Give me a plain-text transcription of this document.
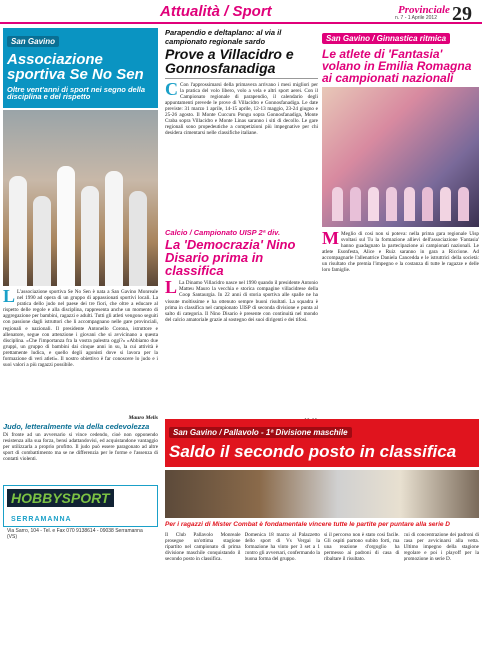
Attualità / Sport	Provinciale
n. 7 - 1 Aprile 2012 29
San Gavino
Associazione sportiva Se No Sen
Oltre vent'anni di sport nei segno della disciplina e del rispetto
L L'associazione sportiva Se No Sen è nata a San Gavino Monreale nel 1990 ad opera di un gruppo di appassionati sportivi locali. La pratica dello judo nel paese dei tre fiori, che oltre a educare al rispetto delle regole e alla disciplina, rappresenta anche un momento di aggregazione per bambini, ragazzi e adulti. Tutti gli atleti vengono seguiti con passione dagli istruttori che li accompagnano nelle gare provinciali, regionali e nazionali. Il presidente Antonello Corona, istruttore e allenatore, segue con attenzione i giovani che si avvicinano a questa disciplina. «Che l'importanza fra la vostra palestra oggi?» «Abbiamo due gruppi, un gruppo di bambini dai cinque anni in su, la cui attività è prettamente ludica, e quello degli agonisti dove si lavora per la formazione di veri atleti». Il nostro obiettivo è far conoscere lo judo e i suoi valori a più ragazzi possibile.
Mauro Melis
Judo, letteralmente via della cedevolezza
Di fronte ad un avversario si vince cedendo, cioè non opponendo resistenza alla sua forza, bensì adattandovisi, ed acquistandone vantaggio per utilizzarla a proprio profitto. Il judo può essere paragonato ad altre sport di combattimento ma se ne differenzia per le forme e l'assenza di contatti violenti.
HOBBYSPORTSERRAMANNA
Via Sarro, 104 - Tel. e Fax 070 9138614 - 09038 Serramanna (VS)
Parapendio e deltaplano: al via il campionato regionale sardo
Prove a Villacidro e Gonnosfanadiga
C Con l'approssimarsi della primavera arrivano i mesi migliori per la pratica del volo libero, volo a vela e altri sport aerei. Con il Campionato regionale di parapendio, il calendario degli appuntamenti prevede le prove di Villacidro e Gonnosfanadiga. Le date previste: 31 marzo 1 aprile, 14-15 aprile, 12-13 maggio, 23-24 giugno e 25-26 agosto. Il Monte Cuccuru Pongu sopra Gonnosfanadiga, Monte Craba sopra Villacidro e Monte Linas saranno i siti di decollo. Le gare regionali sono propedeutiche a competizioni più impegnative per chi desidera cimentarsi nelle classifiche italiane.
Calcio / Campionato UISP 2ª div.
La 'Democrazia' Nino Disario prima in classifica
L La Dinamo Villacidro nasce nel 1990 quando il presidente Antonio Matteu Mauro la vecchia e storica compagine villacidrese della Coop Santaurgia. In 22 anni di storia sportiva alle spalle ne ha vissute moltissime e ha ottenuto sempre buoni risultati. La squadra è prima in classifica nel campionato UISP di seconda divisione e punta al salto di categoria. Il Nino Disario è presente con continuità nel mondo del calcio amatoriale grazie al sostegno dei suoi dirigenti e dei tifosi.
San Gavino / Ginnastica ritmica
Le atlete di 'Fantasia' volano in Emilia Romagna ai campionati nazionali
M Meglio di così non si poteva: nella prima gara regionale Uisp svoltasi sul Tu la formazione allievi dell'associazione 'Fantasia' hanno guadagnato la partecipazione ai campionati nazionali. Le atlete Esonfesta, Alice e Ruiz saranno in gara a Riccione. Ad accompagnarle l'allenatrice Daniela Cancedda e le istruttrici della società: un risultato che premia l'impegno e la costanza di tutte le ragazze e delle loro famiglie.
San Gavino / Pallavolo - 1ª Divisione maschile
Saldo il secondo posto in classifica
Per i ragazzi di Mister Combat è fondamentale vincere tutte le partite per puntare alla serie D
Il Club Pallavolo Monreale prosegue un'ottima stagione ripartito nel campionato di prima divisione maschile conquistando il secondo posto in classifica.
Domenica 18 marzo al Palazzetto dello sport di Vs Vergai la formazione ha vinto per 3 set a 1 contro gli avversari, confermando la buona forma del gruppo.
sì il percorso non è stato così facile. Gli ospiti partono subito forti, ma una reazione d'orgoglio ha permesso ai padroni di casa di ribaltare il risultato.
cui di concentrazione dei padroni di casa per avvicinarsi alla vetta. Ultimo impegno della stagione regolare e poi i playoff per la promozione in serie D.
